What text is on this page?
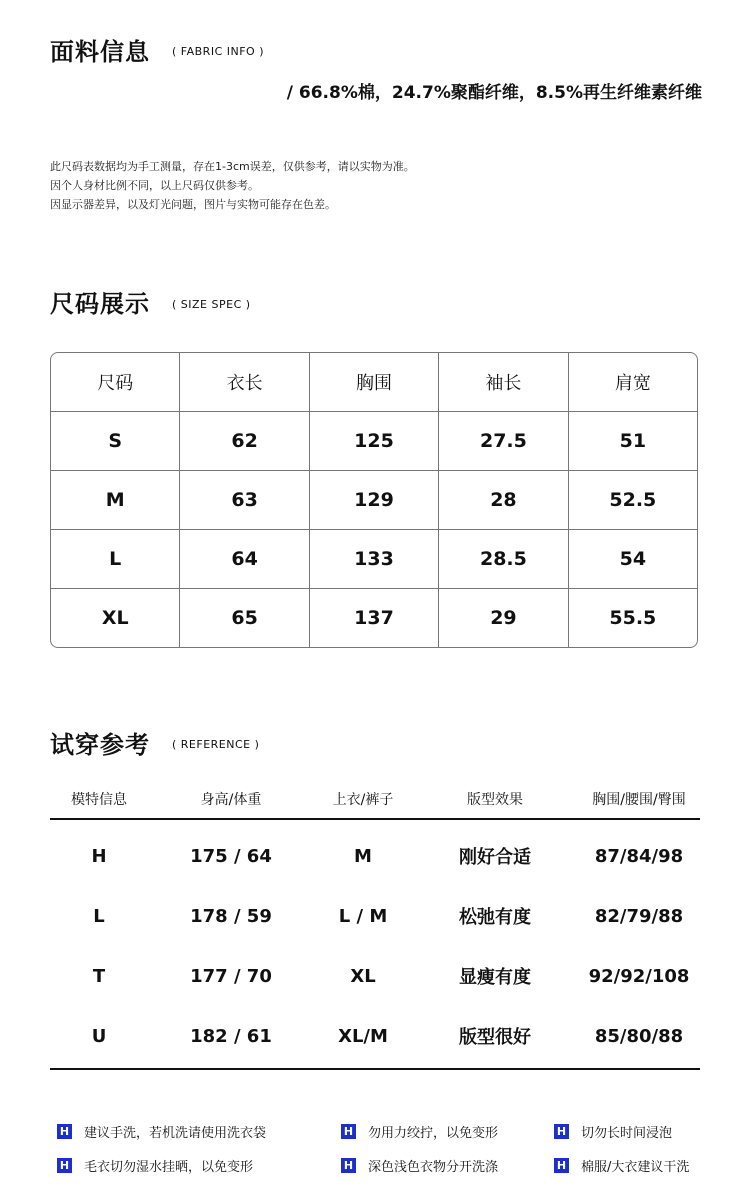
面料信息 ( FABRIC INFO )
/ 66.8%棉，24.7%聚酯纤维，8.5%再生纤维素纤维
此尺码表数据均为手工测量，存在1-3cm误差，仅供参考，请以实物为准。
因个人身材比例不同，以上尺码仅供参考。
因显示器差异，以及灯光问题，图片与实物可能存在色差。
尺码展示 ( SIZE SPEC )
尺码	衣长	胸围	袖长	肩宽
S	62	125	27.5	51
M	63	129	28	52.5
L	64	133	28.5	54
XL	65	137	29	55.5
试穿参考 ( REFERENCE )
模特信息	身高/体重	上衣/裤子	版型效果	胸围/腰围/臀围
H	175 / 64	M	刚好合适	87/84/98
L	178 / 59	L / M	松弛有度	82/79/88
T	177 / 70	XL	显瘦有度	92/92/108
U	182 / 61	XL/M	版型很好	85/80/88
H 建议手洗，若机洗请使用洗衣袋	H 勿用力绞拧，以免变形	H 切勿长时间浸泡
H 毛衣切勿湿水挂晒，以免变形	H 深色浅色衣物分开洗涤	H 棉服/大衣建议干洗
